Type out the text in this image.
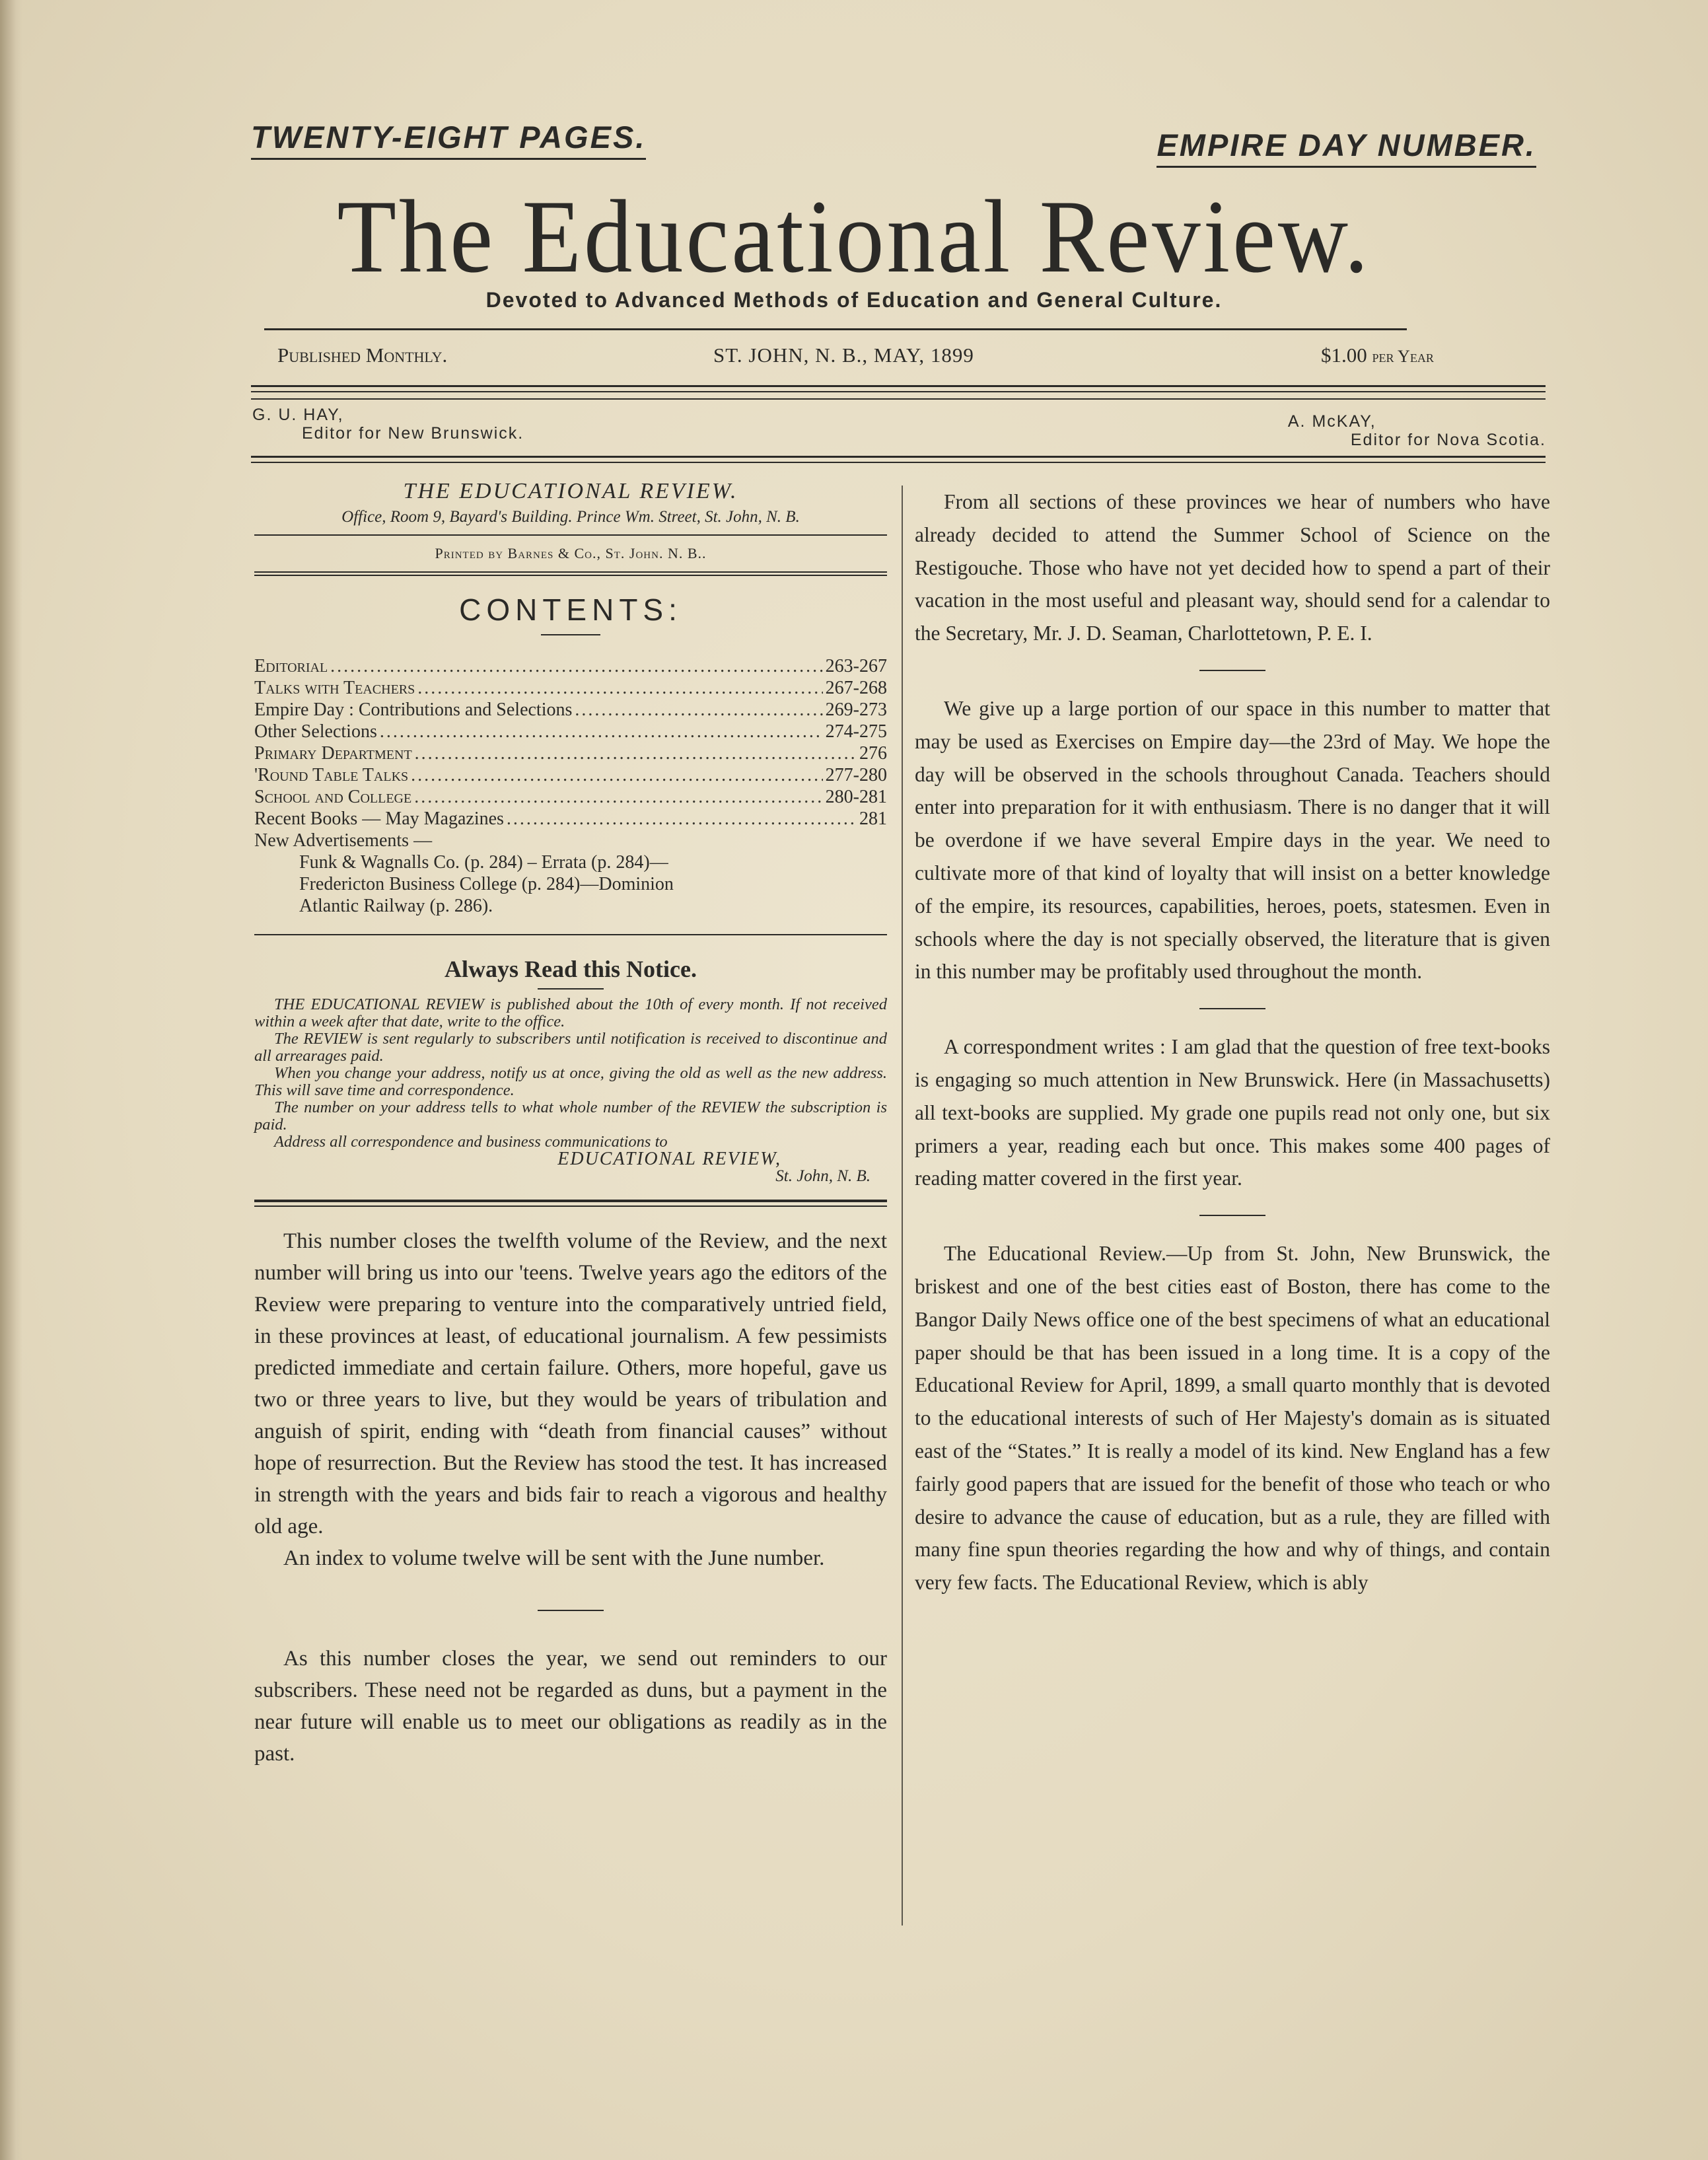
TWENTY-EIGHT PAGES.	EMPIRE DAY NUMBER.
The Educational Review.
Devoted to Advanced Methods of Education and General Culture.
Published Monthly.	ST. JOHN, N. B., MAY, 1899	$1.00 per Year
G. U. HAY,
Editor for New Brunswick.
A. McKAY,
Editor for Nova Scotia.
THE EDUCATIONAL REVIEW.
Office, Room 9, Bayard's Building. Prince Wm. Street, St. John, N. B.
Printed by Barnes & Co., St. John. N. B..
CONTENTS:
Editorial . . .	263-267
Talks with Teachers . . .	267-268
Empire Day : Contributions and Selections . . .	269-273
Other Selections . . .	274-275
Primary Department . . .	276
'Round Table Talks . . .	277-280
School and College . . .	280-281
Recent Books — May Magazines . . .	281
New Advertisements —
Funk & Wagnalls Co. (p. 284) – Errata (p. 284)—
Fredericton Business College (p. 284)—Dominion
Atlantic Railway (p. 286).
Always Read this Notice.

THE EDUCATIONAL REVIEW is published about the 10th of every month. If not received within a week after that date, write to the office.

The REVIEW is sent regularly to subscribers until notification is received to discontinue and all arrearages paid.

When you change your address, notify us at once, giving the old as well as the new address. This will save time and correspondence.

The number on your address tells to what whole number of the REVIEW the subscription is paid.

Address all correspondence and business communications to

EDUCATIONAL REVIEW,

St. John, N. B.

This number closes the twelfth volume of the Review, and the next number will bring us into our 'teens. Twelve years ago the editors of the Review were preparing to venture into the comparatively untried field, in these provinces at least, of educational journalism. A few pessimists predicted immediate and certain failure. Others, more hopeful, gave us two or three years to live, but they would be years of tribulation and anguish of spirit, ending with “death from financial causes” without hope of resurrection. But the Review has stood the test. It has increased in strength with the years and bids fair to reach a vigorous and healthy old age.

An index to volume twelve will be sent with the June number.

As this number closes the year, we send out reminders to our subscribers. These need not be regarded as duns, but a payment in the near future will enable us to meet our obligations as readily as in the past.

From all sections of these provinces we hear of numbers who have already decided to attend the Summer School of Science on the Restigouche. Those who have not yet decided how to spend a part of their vacation in the most useful and pleasant way, should send for a calendar to the Secretary, Mr. J. D. Seaman, Charlottetown, P. E. I.

We give up a large portion of our space in this number to matter that may be used as Exercises on Empire day—the 23rd of May. We hope the day will be observed in the schools throughout Canada. Teachers should enter into preparation for it with enthusiasm. There is no danger that it will be overdone if we have several Empire days in the year. We need to cultivate more of that kind of loyalty that will insist on a better knowledge of the empire, its resources, capabilities, heroes, poets, statesmen. Even in schools where the day is not specially observed, the literature that is given in this number may be profitably used throughout the month.

A correspondment writes : I am glad that the question of free text-books is engaging so much attention in New Brunswick. Here (in Massachusetts) all text-books are supplied. My grade one pupils read not only one, but six primers a year, reading each but once. This makes some 400 pages of reading matter covered in the first year.

The Educational Review.—Up from St. John, New Brunswick, the briskest and one of the best cities east of Boston, there has come to the Bangor Daily News office one of the best specimens of what an educational paper should be that has been issued in a long time. It is a copy of the Educational Review for April, 1899, a small quarto monthly that is devoted to the educational interests of such of Her Majesty's domain as is situated east of the “States.” It is really a model of its kind. New England has a few fairly good papers that are issued for the benefit of those who teach or who desire to advance the cause of education, but as a rule, they are filled with many fine spun theories regarding the how and why of things, and contain very few facts. The Educational Review, which is ably
